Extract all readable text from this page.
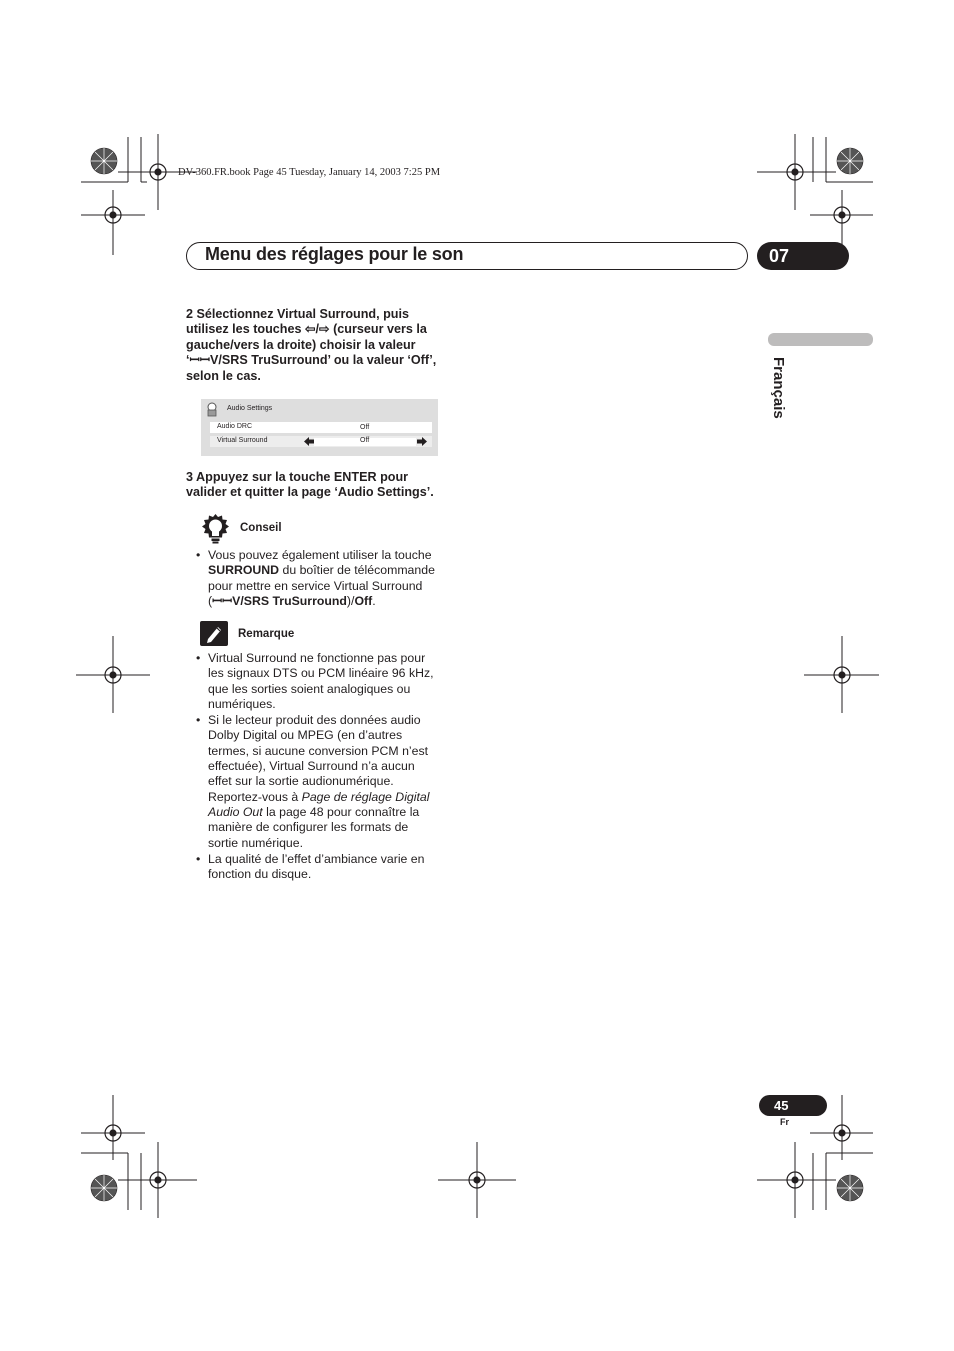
DV-360.FR.book Page 45 Tuesday, January 14, 2003 7:25 PM
Menu des réglages pour le son	07
Français

2 Sélectionnez Virtual Surround, puis

utilisez les touches ⇦/⇨ (curseur vers la

gauche/vers la droite) choisir la valeur

‘ꟷꟷV/SRS TruSurround’ ou la valeur ‘Off’,

selon le cas.

Audio Settings
Audio DRC	Off
Virtual Surround	Off

3 Appuyez sur la touche ENTER pour

valider et quitter la page ‘Audio Settings’.

Conseil
• Vous pouvez également utiliser la touche
SURROUND du boîtier de télécommande
pour mettre en service Virtual Surround
(ꟷꟷV/SRS TruSurround)/Off.
Remarque
• Virtual Surround ne fonctionne pas pour
les signaux DTS ou PCM linéaire 96 kHz,
que les sorties soient analogiques ou
numériques.
• Si le lecteur produit des données audio
Dolby Digital ou MPEG (en d’autres
termes, si aucune conversion PCM n’est
effectuée), Virtual Surround n’a aucun
effet sur la sortie audionumérique.
Reportez-vous à Page de réglage Digital
Audio Out la page 48 pour connaître la
manière de configurer les formats de
sortie numérique.
• La qualité de l’effet d’ambiance varie en
fonction du disque.
45
Fr
